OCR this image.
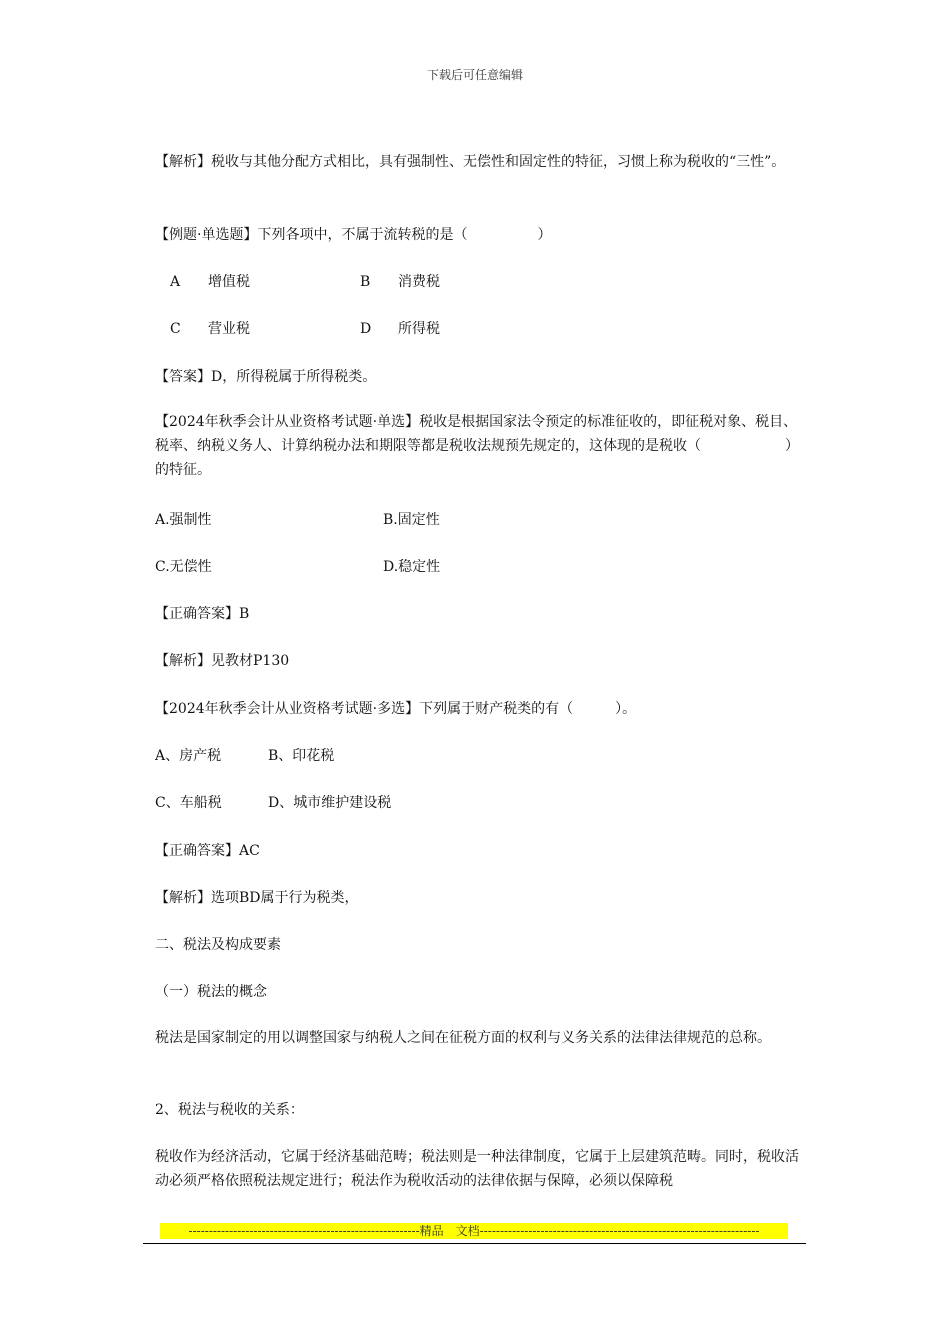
下载后可任意编辑
【解析】税收与其他分配方式相比，具有强制性、无偿性和固定性的特征，习惯上称为税收的“三性”。
【例题·单选题】下列各项中，不属于流转税的是（　　　　　）
A 增值税	B 消费税
C 营业税	D 所得税
【答案】D，所得税属于所得税类。
【2024年秋季会计从业资格考试题·单选】税收是根据国家法令预定的标准征收的，即征税对象、税目、税率、纳税义务人、计算纳税办法和期限等都是税收法规预先规定的，这体现的是税收（　　　　　　）的特征。
A.强制性	B.固定性
C.无偿性	D.稳定性
【正确答案】B
【解析】见教材P130
【2024年秋季会计从业资格考试题·多选】下列属于财产税类的有（　　　）。
A、房产税	B、印花税
C、车船税	D、城市维护建设税
【正确答案】AC
【解析】选项BD属于行为税类，
二、税法及构成要素
（一）税法的概念
税法是国家制定的用以调整国家与纳税人之间在征税方面的权利与义务关系的法律法律规范的总称。
2、税法与税收的关系：
税收作为经济活动，它属于经济基础范畴；税法则是一种法律制度，它属于上层建筑范畴。同时，税收活动必须严格依照税法规定进行；税法作为税收活动的法律依据与保障，必须以保障税
---------------------------------------------------------精品　文档---------------------------------------------------------------------
